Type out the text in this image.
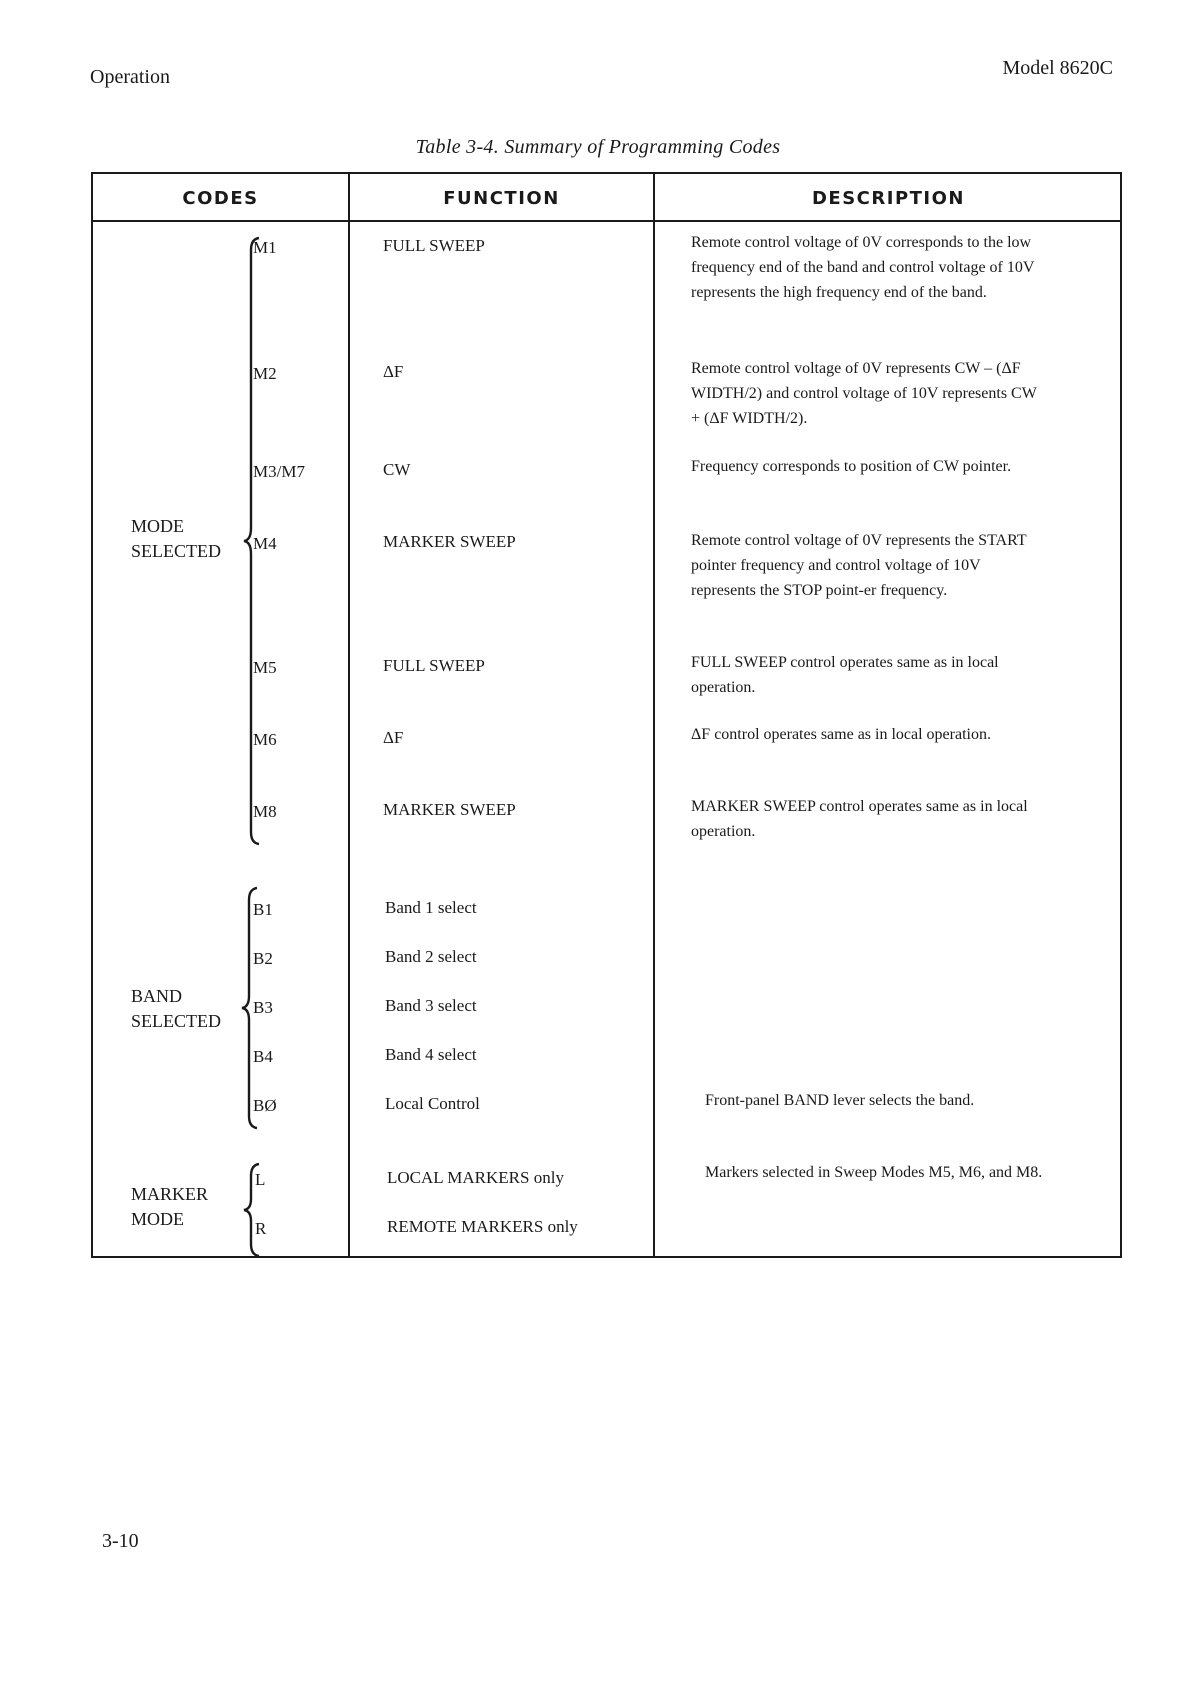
Operation	Model 8620C
Table 3-4. Summary of Programming Codes
CODES	FUNCTION	DESCRIPTION
MODE
SELECTED
M1	FULL SWEEP	Remote control voltage of 0V corresponds to the low frequency end of the band and control voltage of 10V represents the high frequency end of the band.
M2	ΔF	Remote control voltage of 0V represents CW – (ΔF WIDTH/2) and control voltage of 10V represents CW + (ΔF WIDTH/2).
M3/M7	CW	Frequency corresponds to position of CW pointer.
M4	MARKER SWEEP	Remote control voltage of 0V represents the START pointer frequency and control voltage of 10V represents the STOP point-er frequency.
M5	FULL SWEEP	FULL SWEEP control operates same as in local operation.
M6	ΔF	ΔF control operates same as in local operation.
M8	MARKER SWEEP	MARKER SWEEP control operates same as in local operation.
BAND
SELECTED
B1	Band 1 select
B2	Band 2 select
B3	Band 3 select
B4	Band 4 select
BØ	Local Control	Front-panel BAND lever selects the band.
MARKER
MODE
L	LOCAL MARKERS only	Markers selected in Sweep Modes M5, M6, and M8.
R	REMOTE MARKERS only
3-10
